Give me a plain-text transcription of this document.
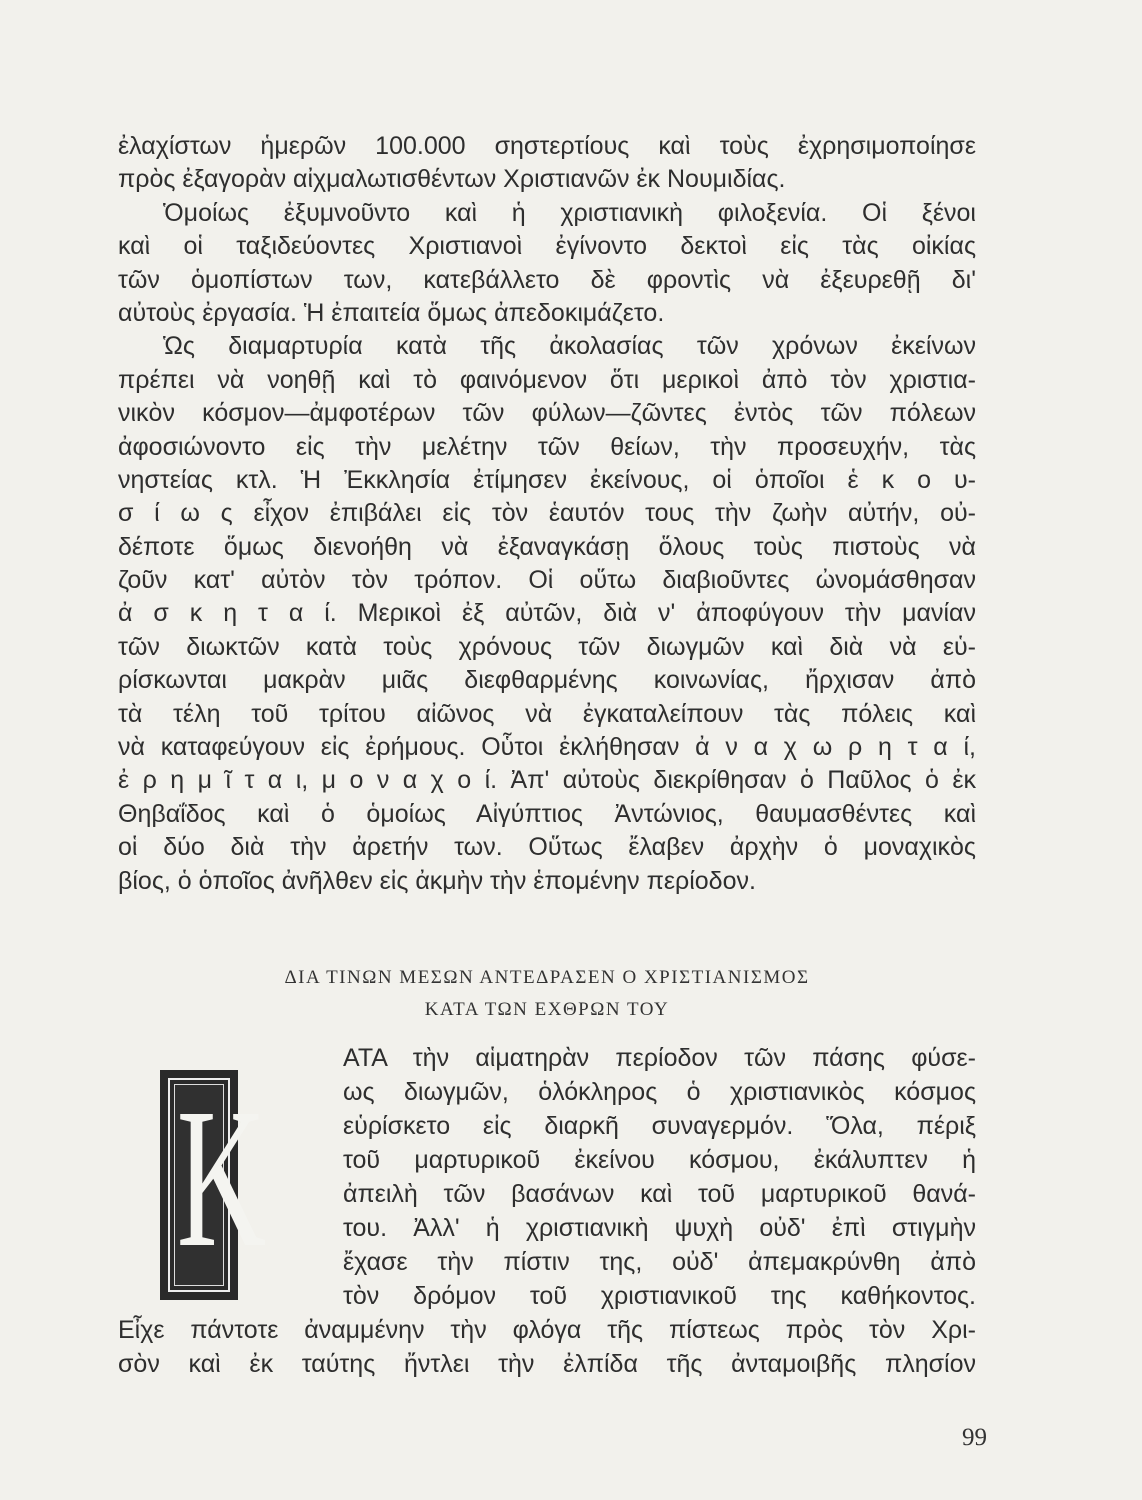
ἐλαχίστων ἡμερῶν 100.000 σηστερτίους καὶ τοὺς ἐχρησιμοποίησε
πρὸς ἐξαγορὰν αἰχμαλωτισθέντων Χριστιανῶν ἐκ Νουμιδίας.
Ὁμοίως ἐξυμνοῦντο καὶ ἡ χριστιανικὴ φιλοξενία. Οἱ ξένοι
καὶ οἱ ταξιδεύοντες Χριστιανοὶ ἐγίνοντο δεκτοὶ εἰς τὰς οἰκίας
τῶν ὁμοπίστων των, κατεβάλλετο δὲ φροντὶς νὰ ἐξευρεθῇ δι'
αὐτοὺς ἐργασία. Ἡ ἐπαιτεία ὅμως ἀπεδοκιμάζετο.
Ὡς διαμαρτυρία κατὰ τῆς ἀκολασίας τῶν χρόνων ἐκείνων
πρέπει νὰ νοηθῇ καὶ τὸ φαινόμενον ὅτι μερικοὶ ἀπὸ τὸν χριστια-
νικὸν κόσμον—ἀμφοτέρων τῶν φύλων—ζῶντες ἐντὸς τῶν πόλεων
ἀφοσιώνοντο εἰς τὴν μελέτην τῶν θείων, τὴν προσευχήν, τὰς
νηστείας κτλ. Ἡ Ἐκκλησία ἐτίμησεν ἐκείνους, οἱ ὁποῖοι ἑ κ ο υ-
σ ί ω ς εἶχον ἐπιβάλει εἰς τὸν ἑαυτόν τους τὴν ζωὴν αὐτήν, οὐ-
δέποτε ὅμως διενοήθη νὰ ἐξαναγκάσῃ ὅλους τοὺς πιστοὺς νὰ
ζοῦν κατ' αὐτὸν τὸν τρόπον. Οἱ οὕτω διαβιοῦντες ὠνομάσθησαν
ἀ σ κ η τ α ί. Μερικοὶ ἐξ αὐτῶν, διὰ ν' ἀποφύγουν τὴν μανίαν
τῶν διωκτῶν κατὰ τοὺς χρόνους τῶν διωγμῶν καὶ διὰ νὰ εὑ-
ρίσκωνται μακρὰν μιᾶς διεφθαρμένης κοινωνίας, ἤρχισαν ἀπὸ
τὰ τέλη τοῦ τρίτου αἰῶνος νὰ ἐγκαταλείπουν τὰς πόλεις καὶ
νὰ καταφεύγουν εἰς ἐρήμους. Οὗτοι ἐκλήθησαν ἀ ν α χ ω ρ η τ α ί,
ἐ ρ η μ ῖ τ α ι, μ ο ν α χ ο ί. Ἀπ' αὐτοὺς διεκρίθησαν ὁ Παῦλος ὁ ἐκ
Θηβαΐδος καὶ ὁ ὁμοίως Αἰγύπτιος Ἀντώνιος, θαυμασθέντες καὶ
οἱ δύο διὰ τὴν ἀρετήν των. Οὕτως ἔλαβεν ἀρχὴν ὁ μοναχικὸς
βίος, ὁ ὁποῖος ἀνῆλθεν εἰς ἀκμὴν τὴν ἑπομένην περίοδον.
ΔΙΑ ΤΙΝΩΝ ΜΕΣΩΝ ΑΝΤΕΔΡΑΣΕΝ Ο ΧΡΙΣΤΙΑΝΙΣΜΟΣ
ΚΑΤΑ ΤΩΝ ΕΧΘΡΩΝ ΤΟΥ
Κ
ΑΤΑ τὴν αἱματηρὰν περίοδον τῶν πάσης φύσε-
ως διωγμῶν, ὁλόκληρος ὁ χριστιανικὸς κόσμος
εὑρίσκετο εἰς διαρκῆ συναγερμόν. Ὅλα, πέριξ
τοῦ μαρτυρικοῦ ἐκείνου κόσμου, ἐκάλυπτεν ἡ
ἀπειλὴ τῶν βασάνων καὶ τοῦ μαρτυρικοῦ θανά-
του. Ἀλλ' ἡ χριστιανικὴ ψυχὴ οὐδ' ἐπὶ στιγμὴν
ἔχασε τὴν πίστιν της, οὐδ' ἀπεμακρύνθη ἀπὸ
τὸν δρόμον τοῦ χριστιανικοῦ της καθήκοντος.
Εἶχε πάντοτε ἀναμμένην τὴν φλόγα τῆς πίστεως πρὸς τὸν Χρι-
σὸν καὶ ἐκ ταύτης ἤντλει τὴν ἐλπίδα τῆς ἀνταμοιβῆς πλησίον
99
